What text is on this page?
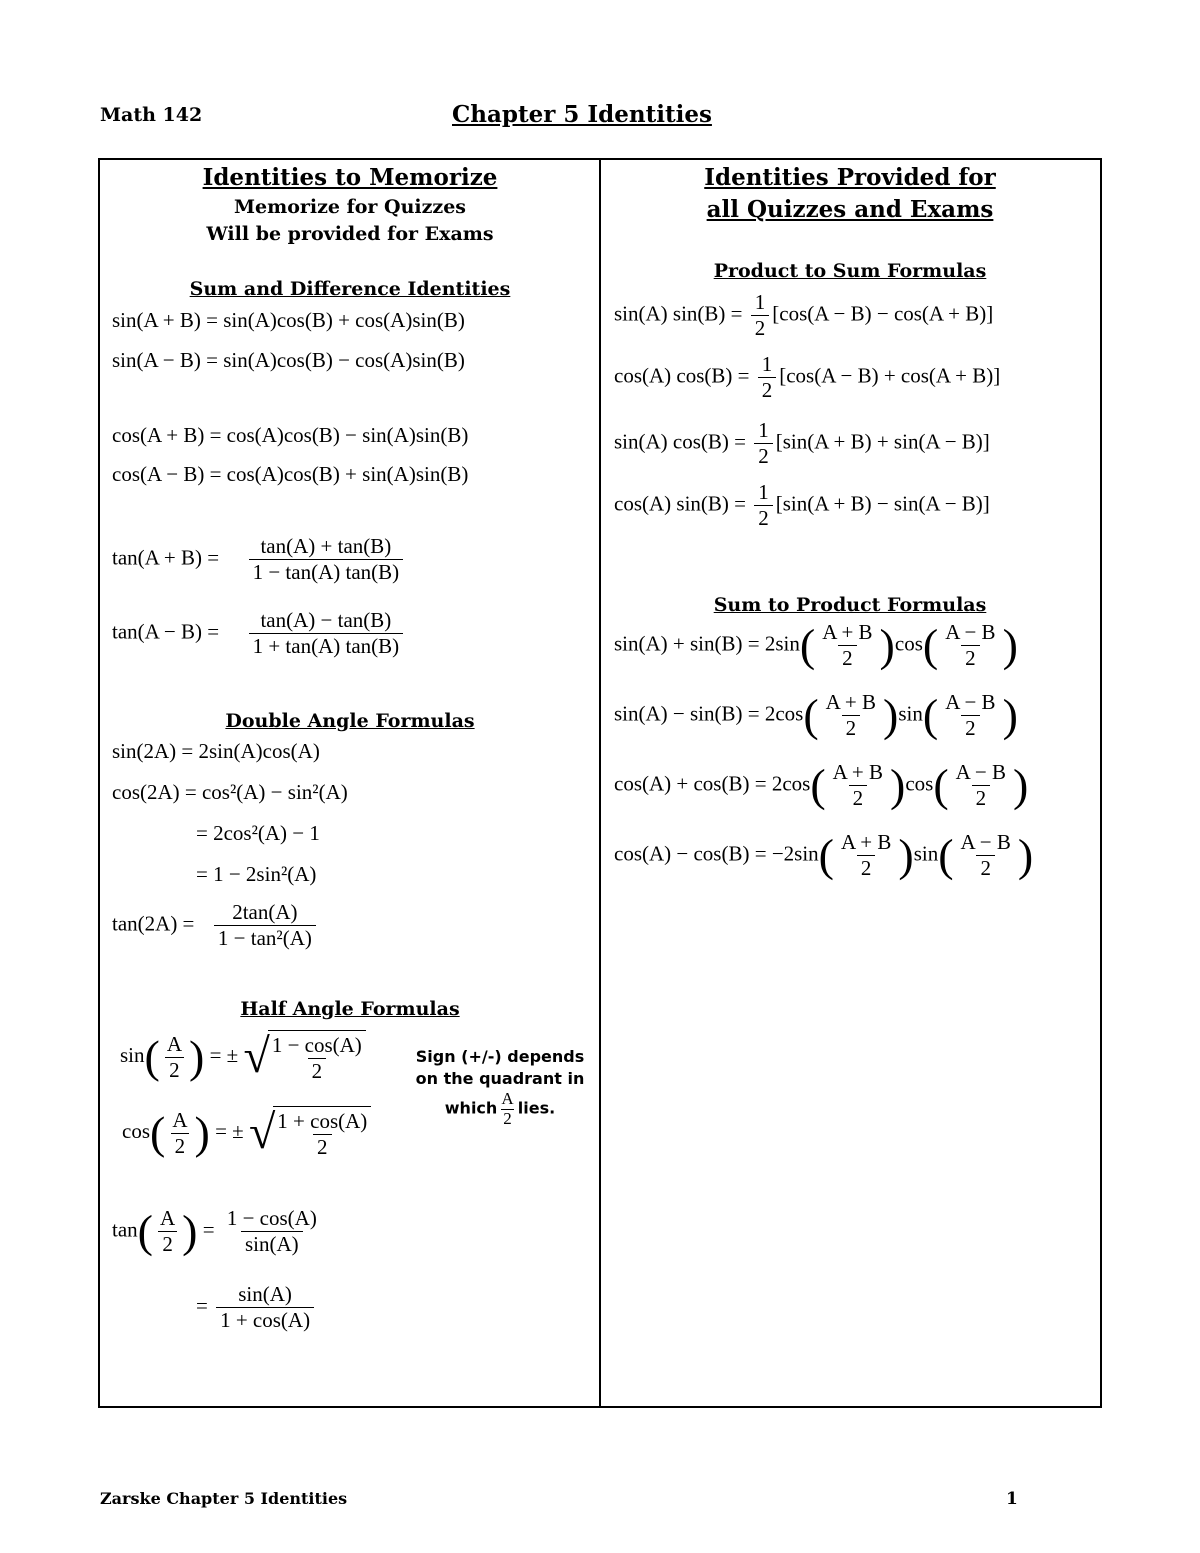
Math 142	Chapter 5 Identities
Identities to Memorize
Memorize for Quizzes
Will be provided for Exams
Sum and Difference Identities
sin(A + B) = sin(A)cos(B) + cos(A)sin(B)
sin(A − B) = sin(A)cos(B) − cos(A)sin(B)
cos(A + B) = cos(A)cos(B) − sin(A)sin(B)
cos(A − B) = cos(A)cos(B) + sin(A)sin(B)
$\tan(A + B) = \frac{\tan(A) + \tan(B)}{1 - \tan(A) \tan(B)}$
$\tan(A - B) = \frac{\tan(A) - \tan(B)}{1 + \tan(A) \tan(B)}$
Double Angle Formulas
sin(2A) = 2sin(A)cos(A)
cos(2A) = cos²(A) − sin²(A)
= 2cos²(A) − 1
= 1 − 2sin²(A)
$\tan(2A) = \frac{2\tan(A)}{\text{1 − tan²(A)}}$
Half Angle Formulas
$\sin( \frac{A}{2}$ ) = ± √
$\frac{1 - \cos(A)}{2}$
$\cos( \frac{A}{2}$ ) = ± √
$\frac{1 + \cos(A)}{2}$
Sign (+/-) depends
on the quadrant in
which $\frac{A}{2}$ lies.
$\tan( \frac{A}{2}$ ) = $\frac{1 - \cos(A)}{\sin(A)}$
= $\frac{\sin(A)}{1 + \cos(A)}$
Identities Provided for
all Quizzes and Exams
Product to Sum Formulas
sin(A) $\sin(B) = \frac{1}{2} [\cos(A - B) - \cos(A + B)]$
cos(A) $\cos(B) = \frac{1}{2} [\cos(A - B) + \cos(A + B)]$
sin(A) $\cos(B) = \frac{1}{2} [\sin(A + B) + \sin(A - B)]$
cos(A) $\sin(B) = \frac{1}{2} [\sin(A + B) - \sin(A - B)]$
Sum to Product Formulas
$\sin(A) + \sin(B) = 2\sin( \frac{A + B}{2} )\cos( \frac{A - B}{2}$ )
$\sin(A) - \sin(B) = 2\cos( \frac{A + B}{2} )\sin( \frac{A - B}{2}$ )
$\cos(A) + \cos(B) = 2\cos( \frac{A + B}{2} )\cos( \frac{A - B}{2}$ )
$\cos(A) - \cos(B) = -2\sin( \frac{A + B}{2} )\sin( \frac{A - B}{2}$ )
Zarske Chapter 5 Identities	1
